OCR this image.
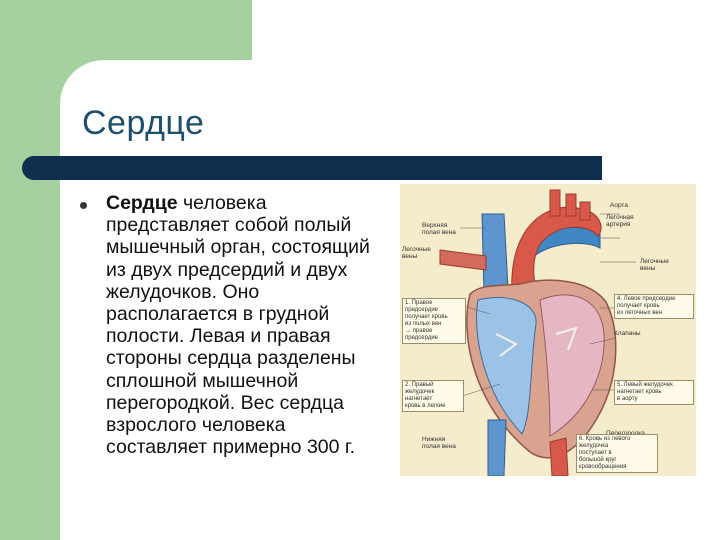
Сердце
Сердце человека
представляет собой полый
мышечный орган, состоящий
из двух предсердий и двух
желудочков. Оно
располагается в грудной
полости. Левая и правая
стороны сердца разделены
сплошной мышечной
перегородкой. Вес сердца
взрослого человека
составляет примерно 300 г.
Верхняя
полая вена
Аорта
Легочная
артерия
Легочные
вены
Легочные
вены
Нижняя
полая вена
Клапаны
1. Правое
предсердие
получает кровь
из полых вен
→ правое
предсердие
2. Правый
желудочек
нагнетает
кровь в легкие
4. Левое предсердие
получает кровь
из легочных вен
5. Левый желудочек
нагнетает кровь
в аорту
6. Кровь из левого
желудочка
поступает в
большой круг
кровообращения
